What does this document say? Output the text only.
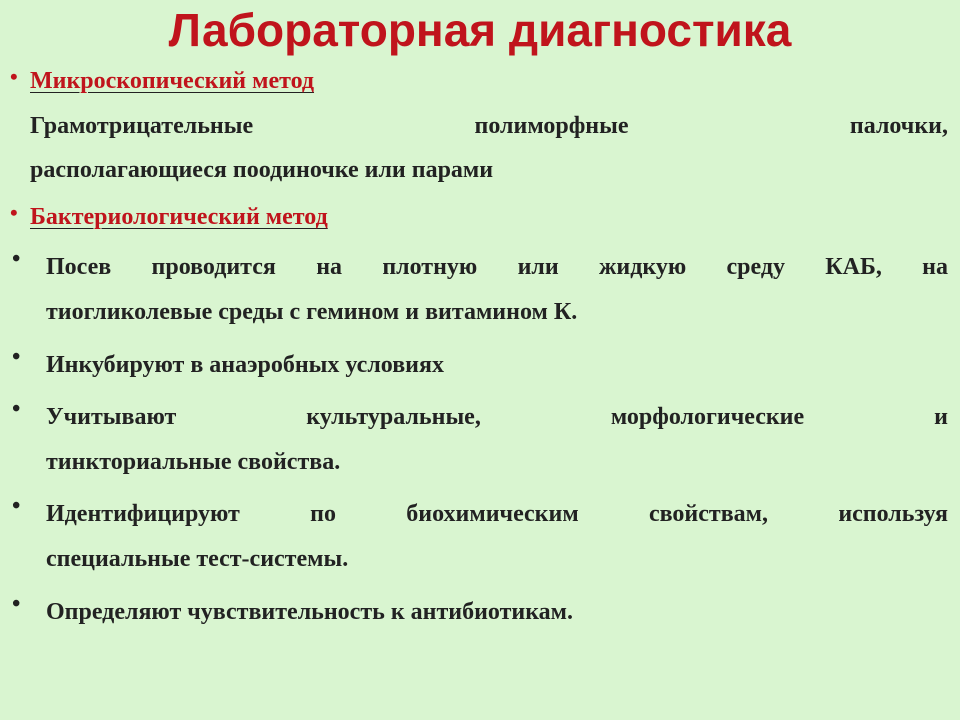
Лабораторная диагностика
• Микроскопический метод
Грамотрицательные полиморфные палочки,
располагающиеся поодиночке или парами
• Бактериологический метод
• Посев проводится на плотную или жидкую среду КАБ, на
тиогликолевые среды с гемином и витамином К.
• Инкубируют в анаэробных условиях
• Учитывают культуральные, морфологические и
тинкториальные свойства.
• Идентифицируют по биохимическим свойствам, используя
специальные тест-системы.
• Определяют чувствительность к антибиотикам.
